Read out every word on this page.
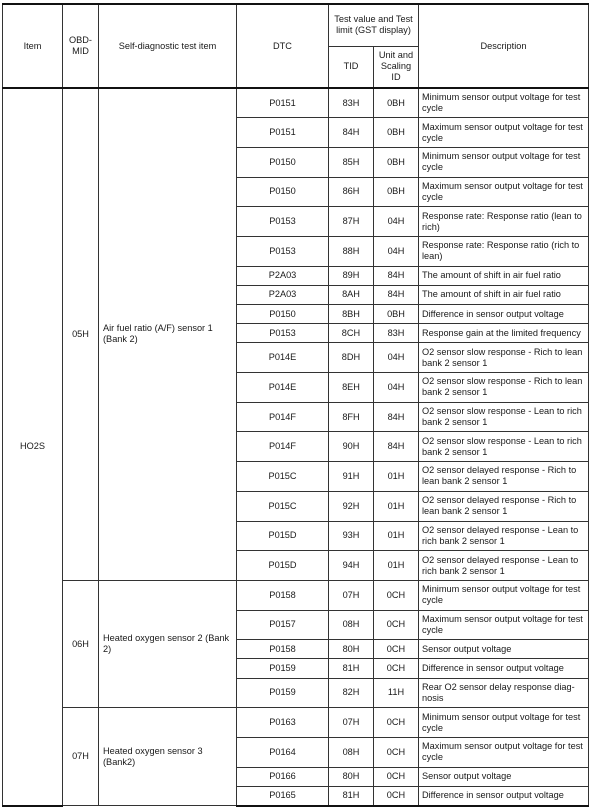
Item	OBD-MID	Self-diagnostic test item	DTC	Test value and Test limit (GST display)		Description
				TID	Unit and Scaling ID	
HO2S	05H	Air fuel ratio (A/F) sensor 1 (Bank 2)	P0151	83H	0BH	Minimum sensor output voltage for test cycle
			P0151	84H	0BH	Maximum sensor output voltage for test cycle
			P0150	85H	0BH	Minimum sensor output voltage for test cycle
			P0150	86H	0BH	Maximum sensor output voltage for test cycle
			P0153	87H	04H	Response rate: Response ratio (lean to rich)
			P0153	88H	04H	Response rate: Response ratio (rich to lean)
			P2A03	89H	84H	The amount of shift in air fuel ratio
			P2A03	8AH	84H	The amount of shift in air fuel ratio
			P0150	8BH	0BH	Difference in sensor output voltage
			P0153	8CH	83H	Response gain at the limited frequency
			P014E	8DH	04H	O2 sensor slow response - Rich to lean bank 2 sensor 1
			P014E	8EH	04H	O2 sensor slow response - Rich to lean bank 2 sensor 1
			P014F	8FH	84H	O2 sensor slow response - Lean to rich bank 2 sensor 1
			P014F	90H	84H	O2 sensor slow response - Lean to rich bank 2 sensor 1
			P015C	91H	01H	O2 sensor delayed response - Rich to lean bank 2 sensor 1
			P015C	92H	01H	O2 sensor delayed response - Rich to lean bank 2 sensor 1
			P015D	93H	01H	O2 sensor delayed response - Lean to rich bank 2 sensor 1
			P015D	94H	01H	O2 sensor delayed response - Lean to rich bank 2 sensor 1
	06H	Heated oxygen sensor 2 (Bank 2)	P0158	07H	0CH	Minimum sensor output voltage for test cycle
			P0157	08H	0CH	Maximum sensor output voltage for test cycle
			P0158	80H	0CH	Sensor output voltage
			P0159	81H	0CH	Difference in sensor output voltage
			P0159	82H	11H	Rear O2 sensor delay response diag-nosis
	07H	Heated oxygen sensor 3 (Bank2)	P0163	07H	0CH	Minimum sensor output voltage for test cycle
			P0164	08H	0CH	Maximum sensor output voltage for test cycle
			P0166	80H	0CH	Sensor output voltage
			P0165	81H	0CH	Difference in sensor output voltage
